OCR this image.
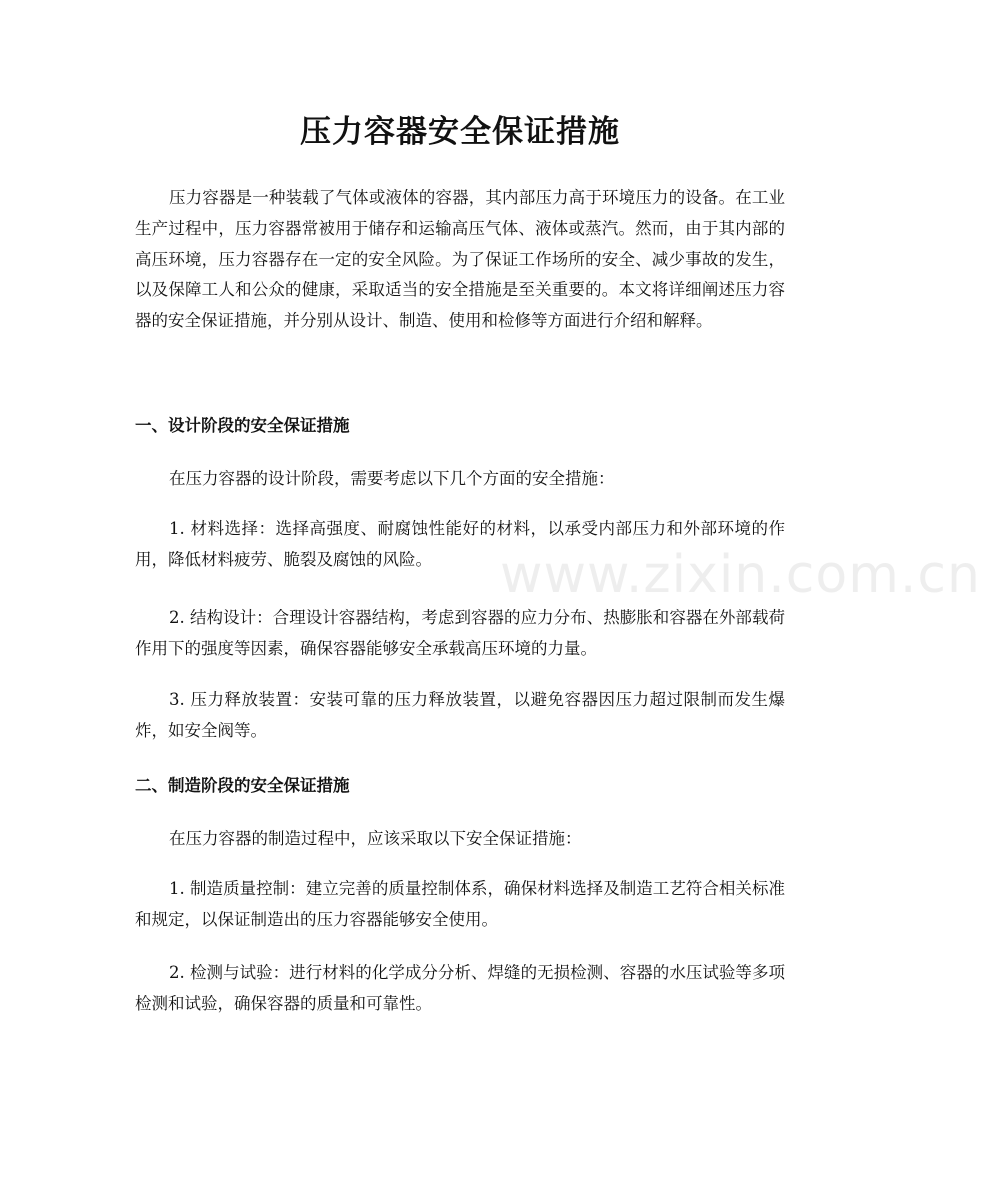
压力容器安全保证措施
压力容器是一种装载了气体或液体的容器，其内部压力高于环境压力的设备。在工业生产过程中，压力容器常被用于储存和运输高压气体、液体或蒸汽。然而，由于其内部的高压环境，压力容器存在一定的安全风险。为了保证工作场所的安全、减少事故的发生，以及保障工人和公众的健康，采取适当的安全措施是至关重要的。本文将详细阐述压力容器的安全保证措施，并分别从设计、制造、使用和检修等方面进行介绍和解释。
一、设计阶段的安全保证措施
在压力容器的设计阶段，需要考虑以下几个方面的安全措施：
1. 材料选择：选择高强度、耐腐蚀性能好的材料，以承受内部压力和外部环境的作用，降低材料疲劳、脆裂及腐蚀的风险。
2. 结构设计：合理设计容器结构，考虑到容器的应力分布、热膨胀和容器在外部载荷作用下的强度等因素，确保容器能够安全承载高压环境的力量。
3. 压力释放装置：安装可靠的压力释放装置，以避免容器因压力超过限制而发生爆炸，如安全阀等。
二、制造阶段的安全保证措施
在压力容器的制造过程中，应该采取以下安全保证措施：
1. 制造质量控制：建立完善的质量控制体系，确保材料选择及制造工艺符合相关标准和规定，以保证制造出的压力容器能够安全使用。
2. 检测与试验：进行材料的化学成分分析、焊缝的无损检测、容器的水压试验等多项检测和试验，确保容器的质量和可靠性。
www.zixin.com.cn
